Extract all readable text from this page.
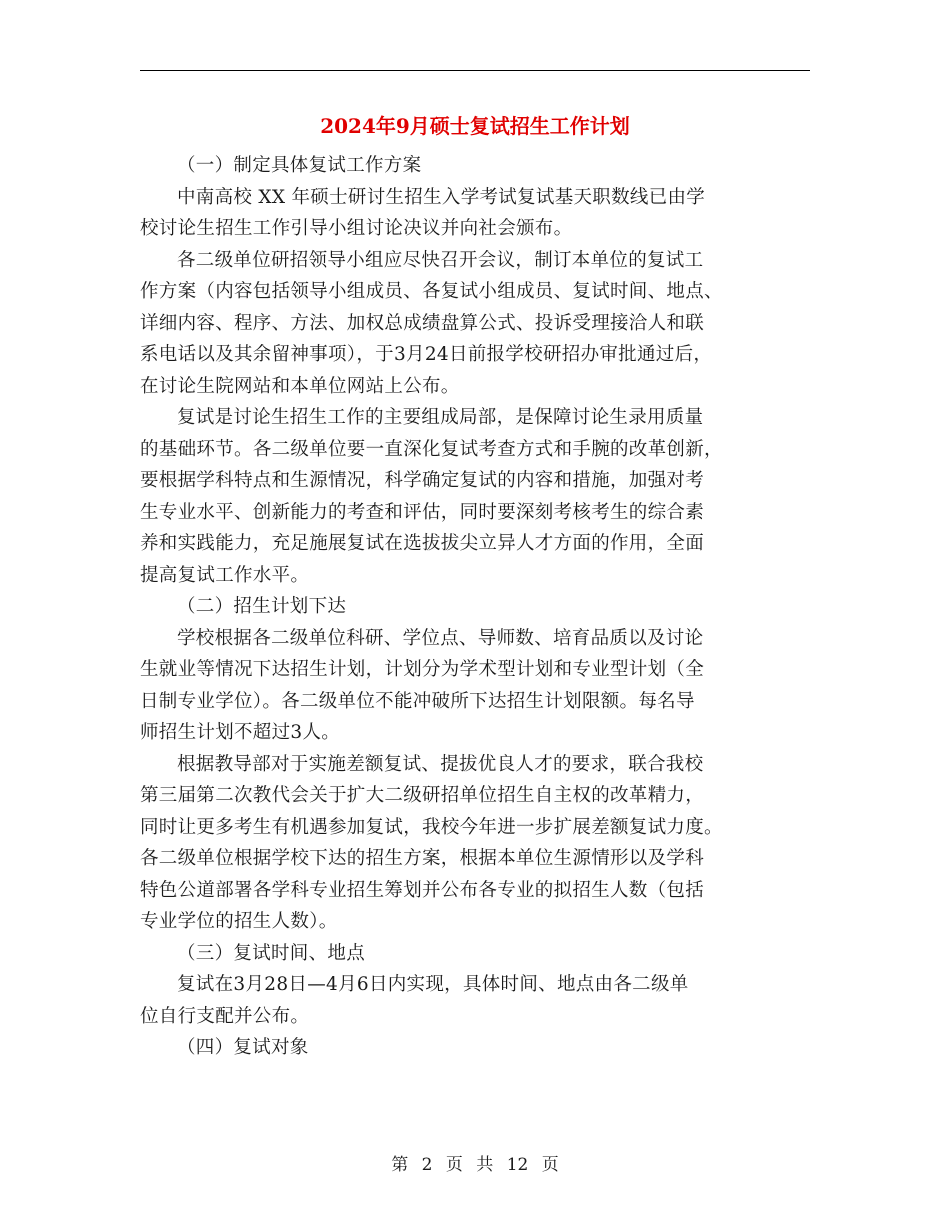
2024年9月硕士复试招生工作计划
（一）制定具体复试工作方案
中南高校 XX 年硕士研讨生招生入学考试复试基天职数线已由学
校讨论生招生工作引导小组讨论决议并向社会颁布。
各二级单位研招领导小组应尽快召开会议，制订本单位的复试工
作方案（内容包括领导小组成员、各复试小组成员、复试时间、地点、
详细内容、程序、方法、加权总成绩盘算公式、投诉受理接洽人和联
系电话以及其余留神事项），于3月24日前报学校研招办审批通过后，
在讨论生院网站和本单位网站上公布。
复试是讨论生招生工作的主要组成局部，是保障讨论生录用质量
的基础环节。各二级单位要一直深化复试考查方式和手腕的改革创新，
要根据学科特点和生源情况，科学确定复试的内容和措施，加强对考
生专业水平、创新能力的考查和评估，同时要深刻考核考生的综合素
养和实践能力，充足施展复试在选拔拔尖立异人才方面的作用，全面
提高复试工作水平。
（二）招生计划下达
学校根据各二级单位科研、学位点、导师数、培育品质以及讨论
生就业等情况下达招生计划，计划分为学术型计划和专业型计划（全
日制专业学位）。各二级单位不能冲破所下达招生计划限额。每名导
师招生计划不超过3人。
根据教导部对于实施差额复试、提拔优良人才的要求，联合我校
第三届第二次教代会关于扩大二级研招单位招生自主权的改革精力，
同时让更多考生有机遇参加复试，我校今年进一步扩展差额复试力度。
各二级单位根据学校下达的招生方案，根据本单位生源情形以及学科
特色公道部署各学科专业招生筹划并公布各专业的拟招生人数（包括
专业学位的招生人数）。
（三）复试时间、地点
复试在3月28日—4月6日内实现，具体时间、地点由各二级单
位自行支配并公布。
（四）复试对象
第 2 页 共 12 页
